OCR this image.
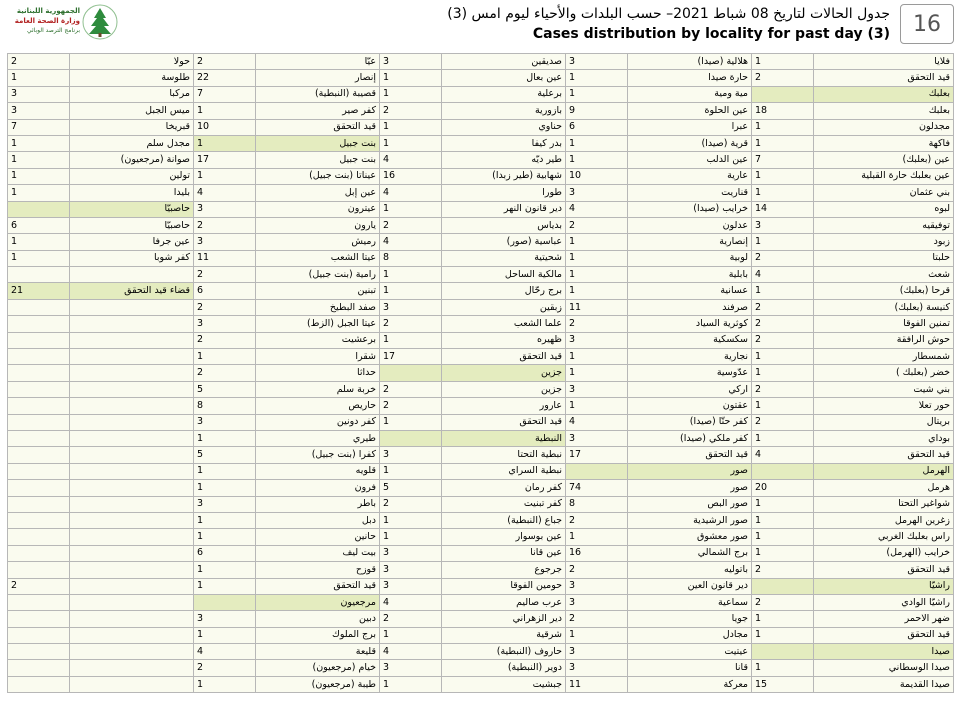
الجمهورية اللبنانية
وزارة الصحة العامة
برنامج الترصد الوبائي
جدول الحالات لتاريخ 08 شباط 2021– حسب البلدات والأحياء ليوم امس (3)
Cases distribution by locality for past day (3)	16
2	حولا	2	عيّا	3	صديقين	3	هلالية (صيدا)	1	فلايا
1	طلوسة	22	إنصار	1	عين بعال	1	حارة صيدا	2	قيد التحقق
3	مركبا	7	قصيبة (النبطية)	1	برعلية	1	مية ومية		بعلبك
3	ميس الجبل	1	كفر صير	2	بازورية	9	عين الحلوة	18	بعلبك
7	قبريخا	10	قيد التحقق	1	حناوي	6	عبرا	1	مجدلون
1	مجدل سلم	1	بنت جبيل	1	بدر كيفا	1	قرية (صيدا)	1	فاكهة
1	صوانة (مرجعيون)	17	بنت جبيل	4	طير ديّه	1	عين الدلب	7	عين (بعلبك)
1	تولين	1	عيناتا (بنت جبيل)	16	شهابية (طير زبدا)	10	عارية	1	عين بعلبك حارة القبلية
1	بليدا	4	عين إبل	4	طورا	3	قناريت	1	بني عثمان
	حاصبيّا	3	عيترون	1	دير قانون النهر	4	خرايب (صيدا)	14	لبوه
6	حاصبيّا	2	يارون	2	بدياس	2	عدلون	3	توفيقيه
1	عين جرفا	3	رميش	4	عباسية (صور)	1	إنصارية	1	زبود
1	كفر شوبا	11	عيتا الشعب	8	شحيتية	1	لوبية	2	حلبتا
		2	رامية (بنت جبيل)	1	مالكية الساحل	1	بابلية	4	شعث
21	قضاء قيد التحقق	6	تبنين	1	برج رحّال	1	عسانية	1	قرحا (بعلبك)
		2	صفد البطيخ	3	زبقين	11	صرفند	2	كنيسة (بعلبك)
		3	عيتا الجبل (الزط)	2	علما الشعب	2	كوثرية السياد	2	تمنين الفوقا
		2	برعشيت	1	ظهيره	3	سكسكية	2	حوش الرافقة
		1	شقرا	17	قيد التحقق	1	نجارية	1	شمسطار
		2	حداثا		جزين	1	عدّوسية	1	خضر (بعلبك )
		5	خربة سلم	2	جزين	3	اركي	2	بني شيت
		8	حاريص	2	عارور	1	عقتون	1	حور تعلا
		3	كفر دونين	1	قيد التحقق	4	كفر حتّا (صيدا)	2	بريتال
		1	طيري		النبطية	3	كفر ملكي (صيدا)	1	بوداي
		5	كفرا (بنت جبيل)	3	نبطية التحتا	17	قيد التحقق	4	قيد التحقق
		1	قلويه	1	نبطية السراي		صور		الهرمل
		1	فرون	5	كفر رمان	74	صور	20	هرمل
		3	باطر	2	كفر تبنيت	8	صور البص	1	شواغير التحتا
		1	دبل	1	جباع (النبطية)	2	صور الرشيدية	1	زغرين الهرمل
		1	حانين	1	عين بوسوار	1	صور معشوق	1	راس بعلبك الغربي
		6	بيت ليف	3	عين قانا	16	برج الشمالي	1	خرايب (الهرمل)
		1	قوزح	3	جرجوع	2	باتوليه	2	قيد التحقق
2		1	قيد التحقق	3	حومين الفوقا	3	دير قانون العين		راشيّا
			مرجعيون	4	عرب صاليم	3	سماعية	2	راشيّا الوادي
		3	دبين	2	دير الزهراني	2	جويا	1	ضهر الاحمر
		1	برج الملوك	1	شرقية	1	مجادل	1	قيد التحقق
		4	قليعة	4	حاروف (النبطية)	3	عيتيت		صيدا
		2	خيام (مرجعيون)	3	دوير (النبطية)	3	قانا	1	صيدا الوسطاني
		1	طيبة (مرجعيون)	1	جبشيت	11	معركة	15	صيدا القديمة
